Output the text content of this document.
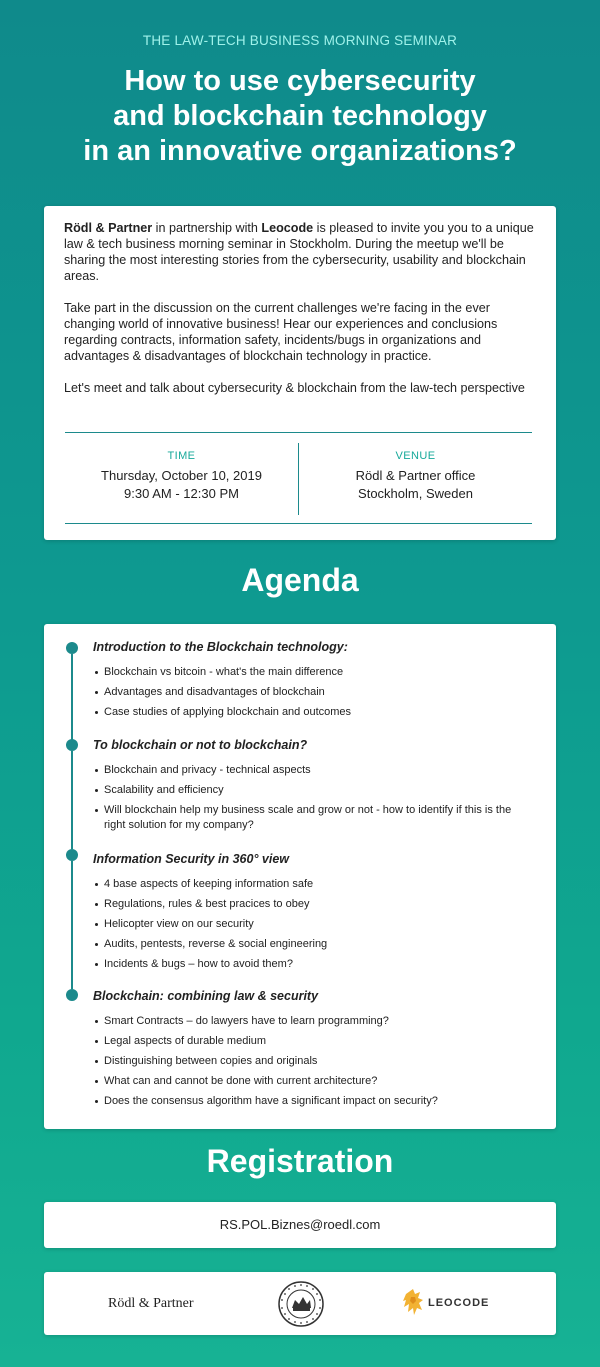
THE LAW-TECH BUSINESS MORNING SEMINAR
How to use cybersecurity
and blockchain technology
in an innovative organizations?

Rödl & Partner in partnership with Leocode is pleased to invite you you to a unique law & tech business morning seminar in Stockholm. During the meetup we'll be sharing the most interesting stories from the cybersecurity, usability and blockchain areas.

Take part in the discussion on the current challenges we're facing in the ever changing world of innovative business! Hear our experiences and conclusions regarding contracts, information safety, incidents/bugs in organizations and advantages & disadvantages of blockchain technology in practice.

Let's meet and talk about cybersecurity & blockchain from the law-tech perspective

TIME
Thursday, October 10, 2019
9:30 AM - 12:30 PM
VENUE
Rödl & Partner office
Stockholm, Sweden
Agenda
Introduction to the Blockchain technology:
Blockchain vs bitcoin - what's the main difference
Advantages and disadvantages of blockchain
Case studies of applying blockchain and outcomes
To blockchain or not to blockchain?
Blockchain and privacy - technical aspects
Scalability and efficiency
Will blockchain help my business scale and grow or not - how to identify if this is the right solution for my company?
Information Security in 360° view
4 base aspects of keeping information safe
Regulations, rules & best pracices to obey
Helicopter view on our security
Audits, pentests, reverse & social engineering
Incidents & bugs – how to avoid them?
Blockchain: combining law & security
Smart Contracts – do lawyers have to learn programming?
Legal aspects of durable medium
Distinguishing between copies and originals
What can and cannot be done with current architecture?
Does the consensus algorithm have a significant impact on security?
Registration
RS.POL.Biznes@roedl.com
Rödl & Partner	LEOCODE
